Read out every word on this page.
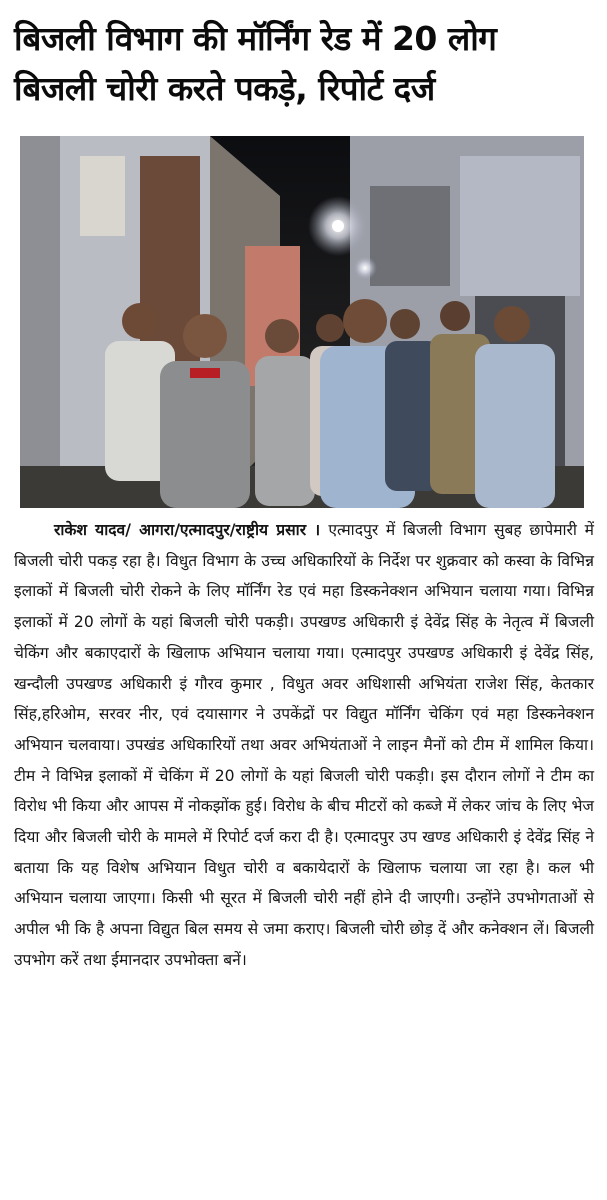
बिजली विभाग की मॉर्निंग रेड में 20 लोग
बिजली चोरी करते पकड़े, रिपोर्ट दर्ज
राकेश यादव/ आगरा/एत्मादपुर/राष्ट्रीय प्रसार । एत्मादपुर में बिजली विभाग सुबह छापेमारी में बिजली चोरी पकड़ रहा है। विधुत विभाग के उच्च अधिकारियों के निर्देश पर शुक्रवार को कस्वा के विभिन्न इलाकों में बिजली चोरी रोकने के लिए मॉर्निंग रेड एवं महा डिस्कनेक्शन अभियान चलाया गया। विभिन्न इलाकों में 20 लोगों के यहां बिजली चोरी पकड़ी। उपखण्ड अधिकारी इं देवेंद्र सिंह के नेतृत्व में बिजली चेकिंग और बकाएदारों के खिलाफ अभियान चलाया गया। एत्मादपुर उपखण्ड अधिकारी इं देवेंद्र सिंह, खन्दौली उपखण्ड अधिकारी इं गौरव कुमार , विधुत अवर अधिशासी अभियंता राजेश सिंह, केतकार सिंह,हरिओम, सरवर नीर, एवं दयासागर ने उपकेंद्रों पर विद्युत मॉर्निंग चेकिंग एवं महा डिस्कनेक्शन अभियान चलवाया। उपखंड अधिकारियों तथा अवर अभियंताओं ने लाइन मैनों को टीम में शामिल किया। टीम ने विभिन्न इलाकों में चेकिंग में 20 लोगों के यहां बिजली चोरी पकड़ी। इस दौरान लोगों ने टीम का विरोध भी किया और आपस में नोकझोंक हुई। विरोध के बीच मीटरों को कब्जे में लेकर जांच के लिए भेज दिया और बिजली चोरी के मामले में रिपोर्ट दर्ज करा दी है। एत्मादपुर उप खण्ड अधिकारी इं देवेंद्र सिंह ने बताया कि यह विशेष अभियान विधुत चोरी व बकायेदारों के खिलाफ चलाया जा रहा है। कल भी अभियान चलाया जाएगा। किसी भी सूरत में बिजली चोरी नहीं होने दी जाएगी। उन्होंने उपभोगताओं से अपील भी कि है अपना विद्युत बिल समय से जमा कराए। बिजली चोरी छोड़ दें और कनेक्शन लें। बिजली उपभोग करें तथा ईमानदार उपभोक्ता बनें।
